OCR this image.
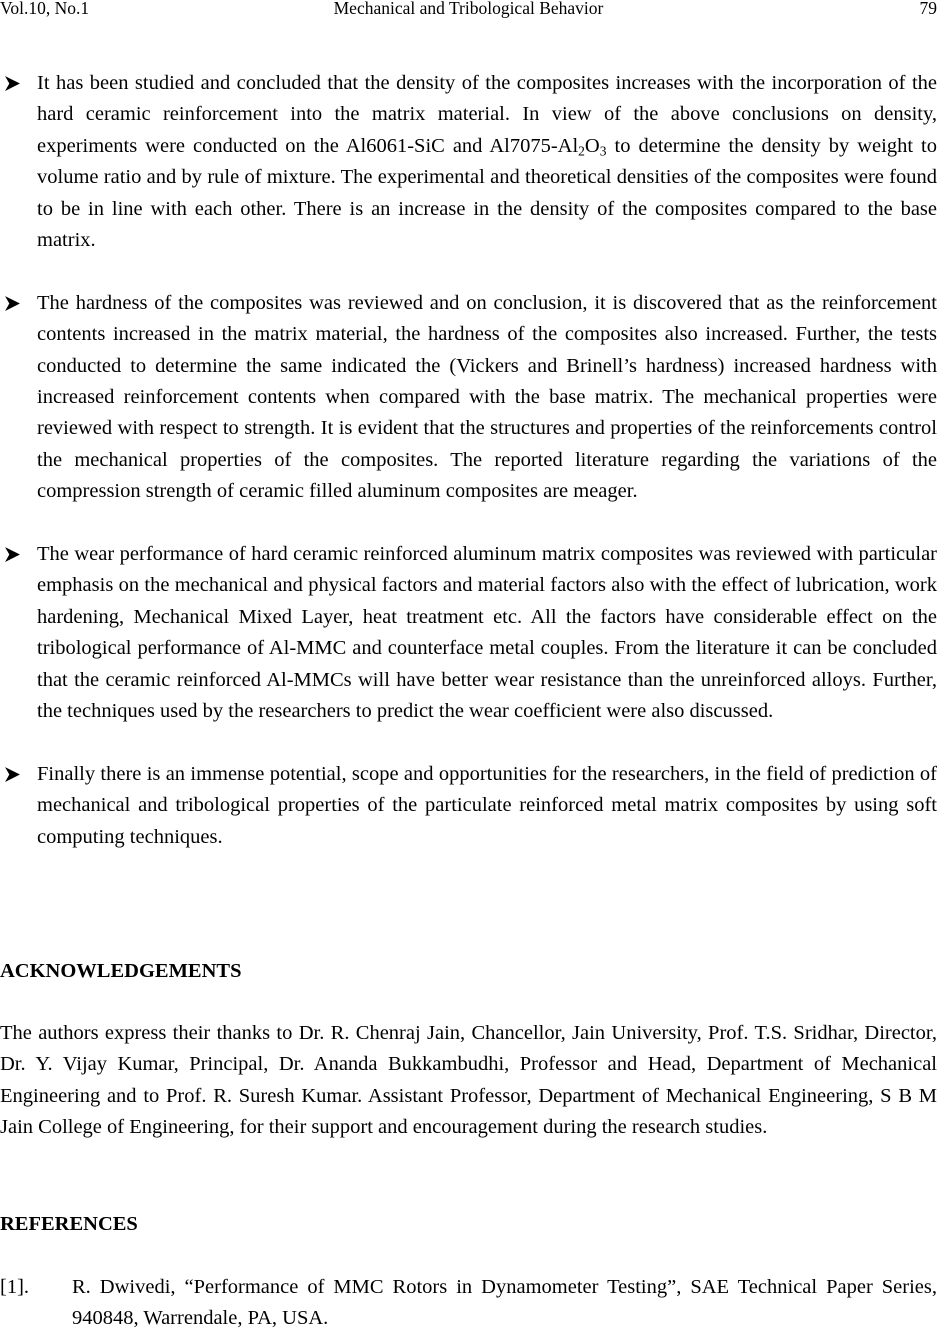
Vol.10, No.1	Mechanical and Tribological Behavior	79
It has been studied and concluded that the density of the composites increases with the incorporation of the hard ceramic reinforcement into the matrix material. In view of the above conclusions on density, experiments were conducted on the Al6061-SiC and $Al7075-Al_2O_3$ to determine the density by weight to volume ratio and by rule of mixture. The experimental and theoretical densities of the composites were found to be in line with each other. There is an increase in the density of the composites compared to the base matrix.
The hardness of the composites was reviewed and on conclusion, it is discovered that as the reinforcement contents increased in the matrix material, the hardness of the composites also increased. Further, the tests conducted to determine the same indicated the (Vickers and Brinell’s hardness) increased hardness with increased reinforcement contents when compared with the base matrix. The mechanical properties were reviewed with respect to strength. It is evident that the structures and properties of the reinforcements control the mechanical properties of the composites. The reported literature regarding the variations of the compression strength of ceramic filled aluminum composites are meager.
The wear performance of hard ceramic reinforced aluminum matrix composites was reviewed with particular emphasis on the mechanical and physical factors and material factors also with the effect of lubrication, work hardening, Mechanical Mixed Layer, heat treatment etc. All the factors have considerable effect on the tribological performance of Al-MMC and counterface metal couples. From the literature it can be concluded that the ceramic reinforced Al-MMCs will have better wear resistance than the unreinforced alloys. Further, the techniques used by the researchers to predict the wear coefficient were also discussed.
Finally there is an immense potential, scope and opportunities for the researchers, in the field of prediction of mechanical and tribological properties of the particulate reinforced metal matrix composites by using soft computing techniques.
ACKNOWLEDGEMENTS
The authors express their thanks to Dr. R. Chenraj Jain, Chancellor, Jain University, Prof. T.S. Sridhar, Director, Dr. Y. Vijay Kumar, Principal, Dr. Ananda Bukkambudhi, Professor and Head, Department of Mechanical Engineering and to Prof. R. Suresh Kumar. Assistant Professor, Department of Mechanical Engineering, S B M Jain College of Engineering, for their support and encouragement during the research studies.
REFERENCES
[1]. R. Dwivedi, “Performance of MMC Rotors in Dynamometer Testing”, SAE Technical Paper Series, 940848, Warrendale, PA, USA.
